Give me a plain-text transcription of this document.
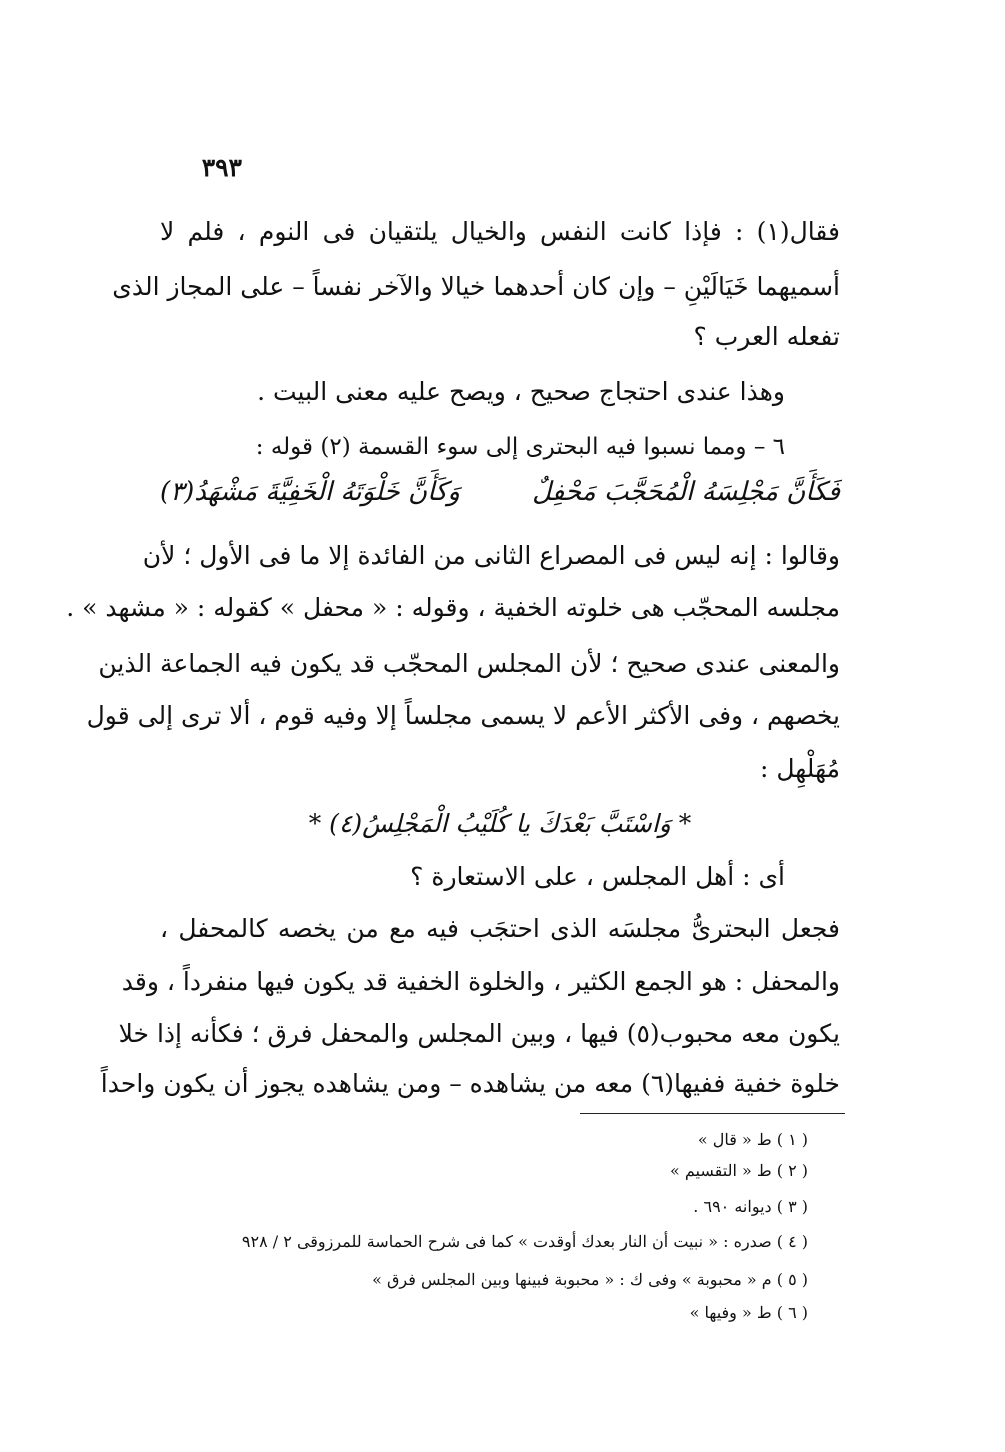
٣٩٣
فقال(١) : فإذا كانت النفس والخيال يلتقيان فى النوم ، فلم لا
أسميهما خَيَالَيْنِ – وإن كان أحدهما خيالا والآخر نفساً – على المجاز الذى
تفعله العرب ؟
وهذا عندى احتجاج صحيح ، ويصح عليه معنى البيت .
٦ – ومما نسبوا فيه البحترى إلى سوء القسمة (٢) قوله :
فَكَأَنَّ مَجْلِسَهُ الْمُحَجَّبَ مَحْفِلٌ
وَكَأَنَّ خَلْوَتَهُ الْخَفِيَّةَ مَشْهَدُ(٣)
وقالوا : إنه ليس فى المصراع الثانى من الفائدة إلا ما فى الأول ؛ لأن
مجلسه المحجّب هى خلوته الخفية ، وقوله : « محفل » كقوله : « مشهد » .
والمعنى عندى صحيح ؛ لأن المجلس المحجّب قد يكون فيه الجماعة الذين
يخصهم ، وفى الأكثر الأعم لا يسمى مجلساً إلا وفيه قوم ، ألا ترى إلى قول
مُهَلْهِل :
* وَاسْتَبَّ بَعْدَكَ يا كُلَيْبُ الْمَجْلِسُ(٤) *
أى : أهل المجلس ، على الاستعارة ؟
فجعل البحترىُّ مجلسَه الذى احتجَب فيه مع من يخصه كالمحفل ،
والمحفل : هو الجمع الكثير ، والخلوة الخفية قد يكون فيها منفرداً ، وقد
يكون معه محبوب(٥) فيها ، وبين المجلس والمحفل فرق ؛ فكأنه إذا خلا
خلوة خفية ففيها(٦) معه من يشاهده – ومن يشاهده يجوز أن يكون واحداً
( ١ ) ط « قال »
( ٢ ) ط « التقسيم »
( ٣ ) ديوانه ٦٩٠ .
( ٤ ) صدره : « نبيت أن النار بعدك أوقدت » كما فى شرح الحماسة للمرزوقى ٢ / ٩٢٨
( ٥ ) م « محبوبة » وفى ك : « محبوبة فبينها وبين المجلس فرق »
( ٦ ) ط « وفيها »
